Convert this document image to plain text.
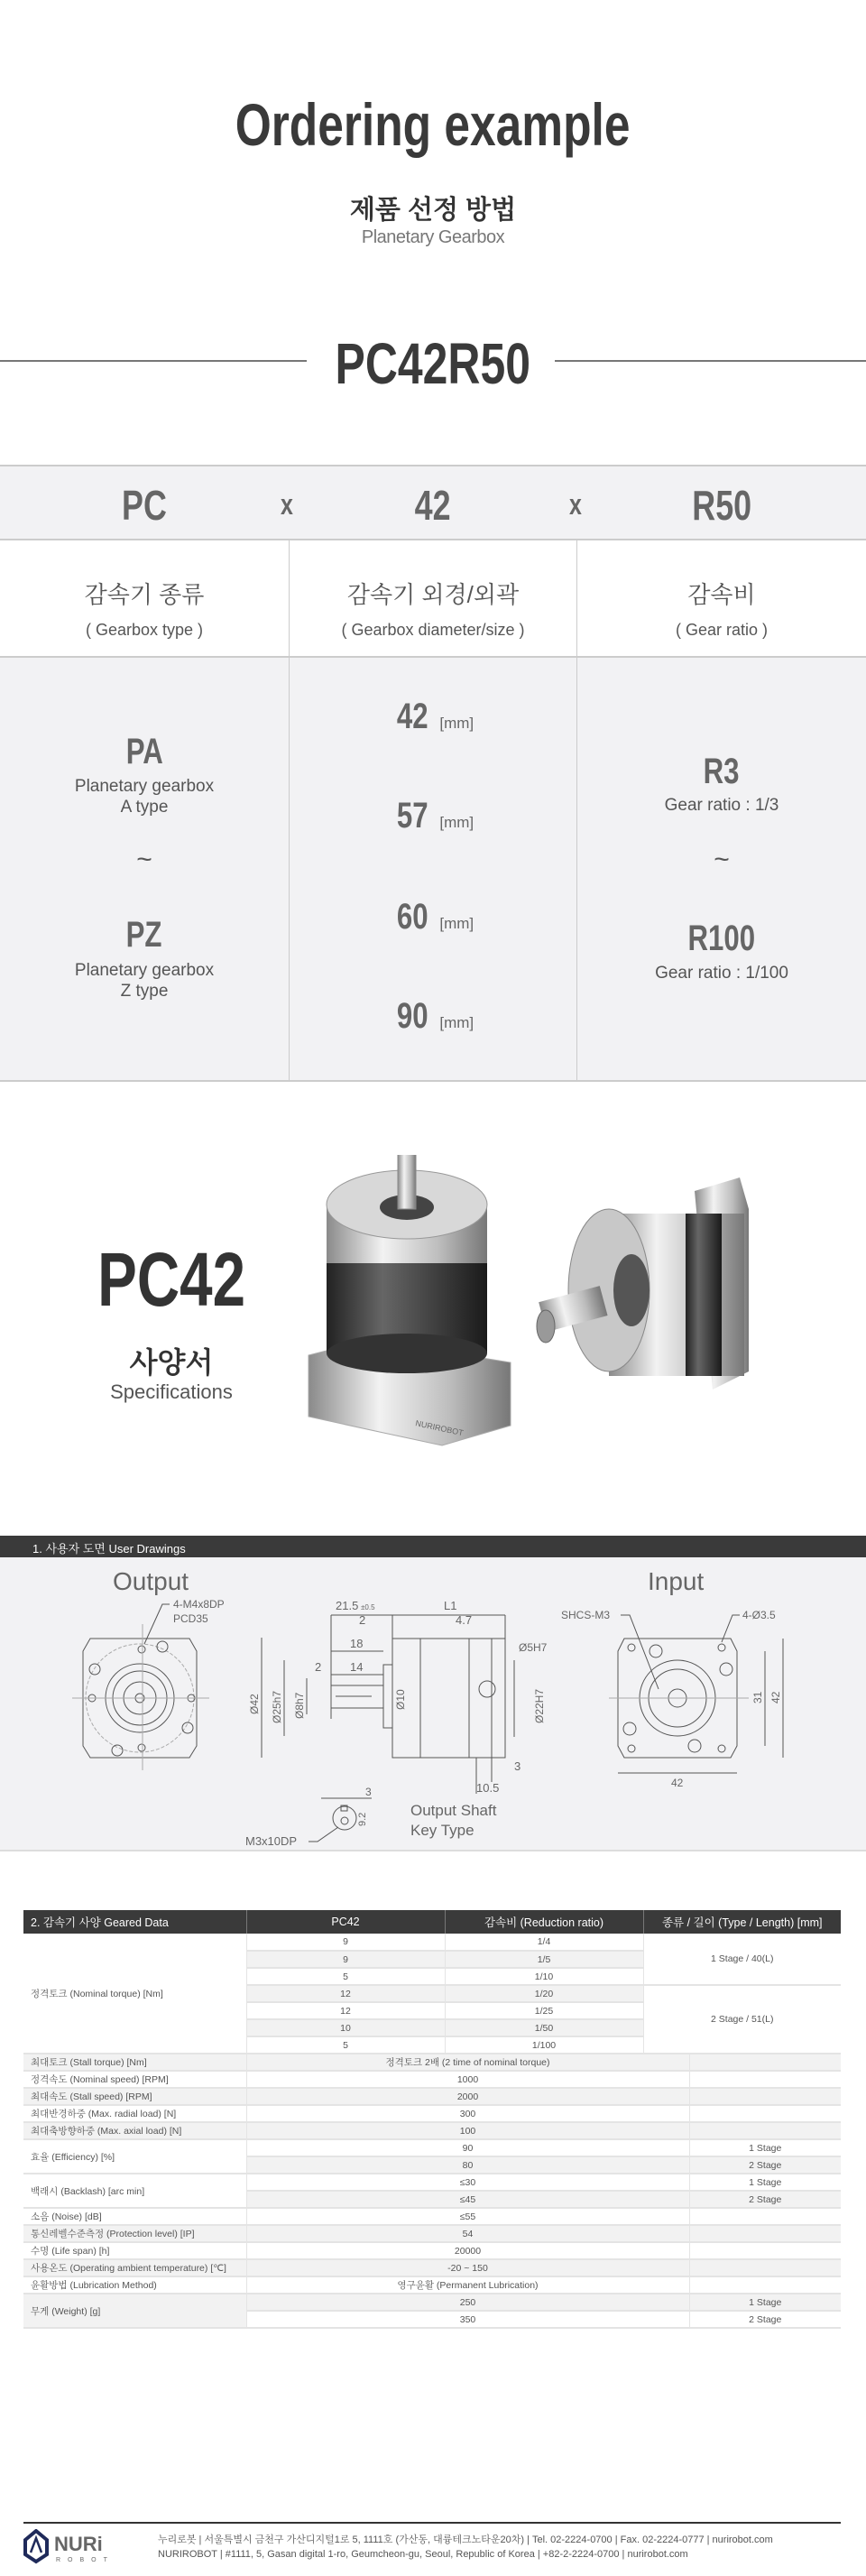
Ordering example
제품 선정 방법
Planetary Gearbox
PC42R50
PC	x	42	x	R50
감속기 종류
( Gearbox type )
감속기 외경/외곽
( Gearbox diameter/size )
감속비
( Gear ratio )
PA
Planetary gearbox
A type
~
PZ
Planetary gearbox
Z type
42 [mm]
57 [mm]
60 [mm]
90 [mm]
R3
Gear ratio : 1/3
~
R100
Gear ratio : 1/100
PC42
사양서
Specifications
NURIROBOT
1. 사용자 도면 User Drawings
Output	Input
4-M4x8DP
PCD35
21.5 ±0.5	L1
2	4.7
18
14
2
Ø5H7
Ø42 Ø25h7 Ø8h7	Ø10	Ø22H7
3
10.5
SHCS-M3	4-Ø3.5
42
31 42
3
9.2
M3x10DP
Output Shaft
Key Type
2. 감속기 사양 Geared Data	PC42	감속비 (Reduction ratio)	종류 / 길이 (Type / Length) [mm]	
정격토크 (Nominal torque) [Nm]	9	1/4	1 Stage / 40(L)	
	9	1/5		
	5	1/10		
	12	1/20	2 Stage / 51(L)	
	12	1/25		
	10	1/50		
	5	1/100		
최대토크 (Stall torque) [Nm]	정격토크 2배 (2 time of nominal torque)			
정격속도 (Nominal speed) [RPM]	1000			
최대속도 (Stall speed) [RPM]	2000			
최대반경하중 (Max. radial load) [N]	300			
최대축방향하중 (Max. axial load) [N]	100			
효율 (Efficiency) [%]	90			1 Stage
	80			2 Stage
백래시 (Backlash) [arc min]	≤30			1 Stage
	≤45			2 Stage
소음 (Noise) [dB]	≤55			
통신레벨수준측정 (Protection level) [IP]	54			
수명 (Life span) [h]	20000			
사용온도 (Operating ambient temperature) [℃]	-20 ~ 150			
윤활방법 (Lubrication Method)	영구윤활 (Permanent Lubrication)			
무게 (Weight) [g]	250			1 Stage
	350			2 Stage
NURi
ROBOT
누리로봇 | 서울특별시 금천구 가산디지털1로 5, 1111호 (가산동, 대륭테크노타운20차) | Tel. 02-2224-0700 | Fax. 02-2224-0777 | nurirobot.com
NURIROBOT | #1111, 5, Gasan digital 1-ro, Geumcheon-gu, Seoul, Republic of Korea | +82-2-2224-0700 | nurirobot.com
